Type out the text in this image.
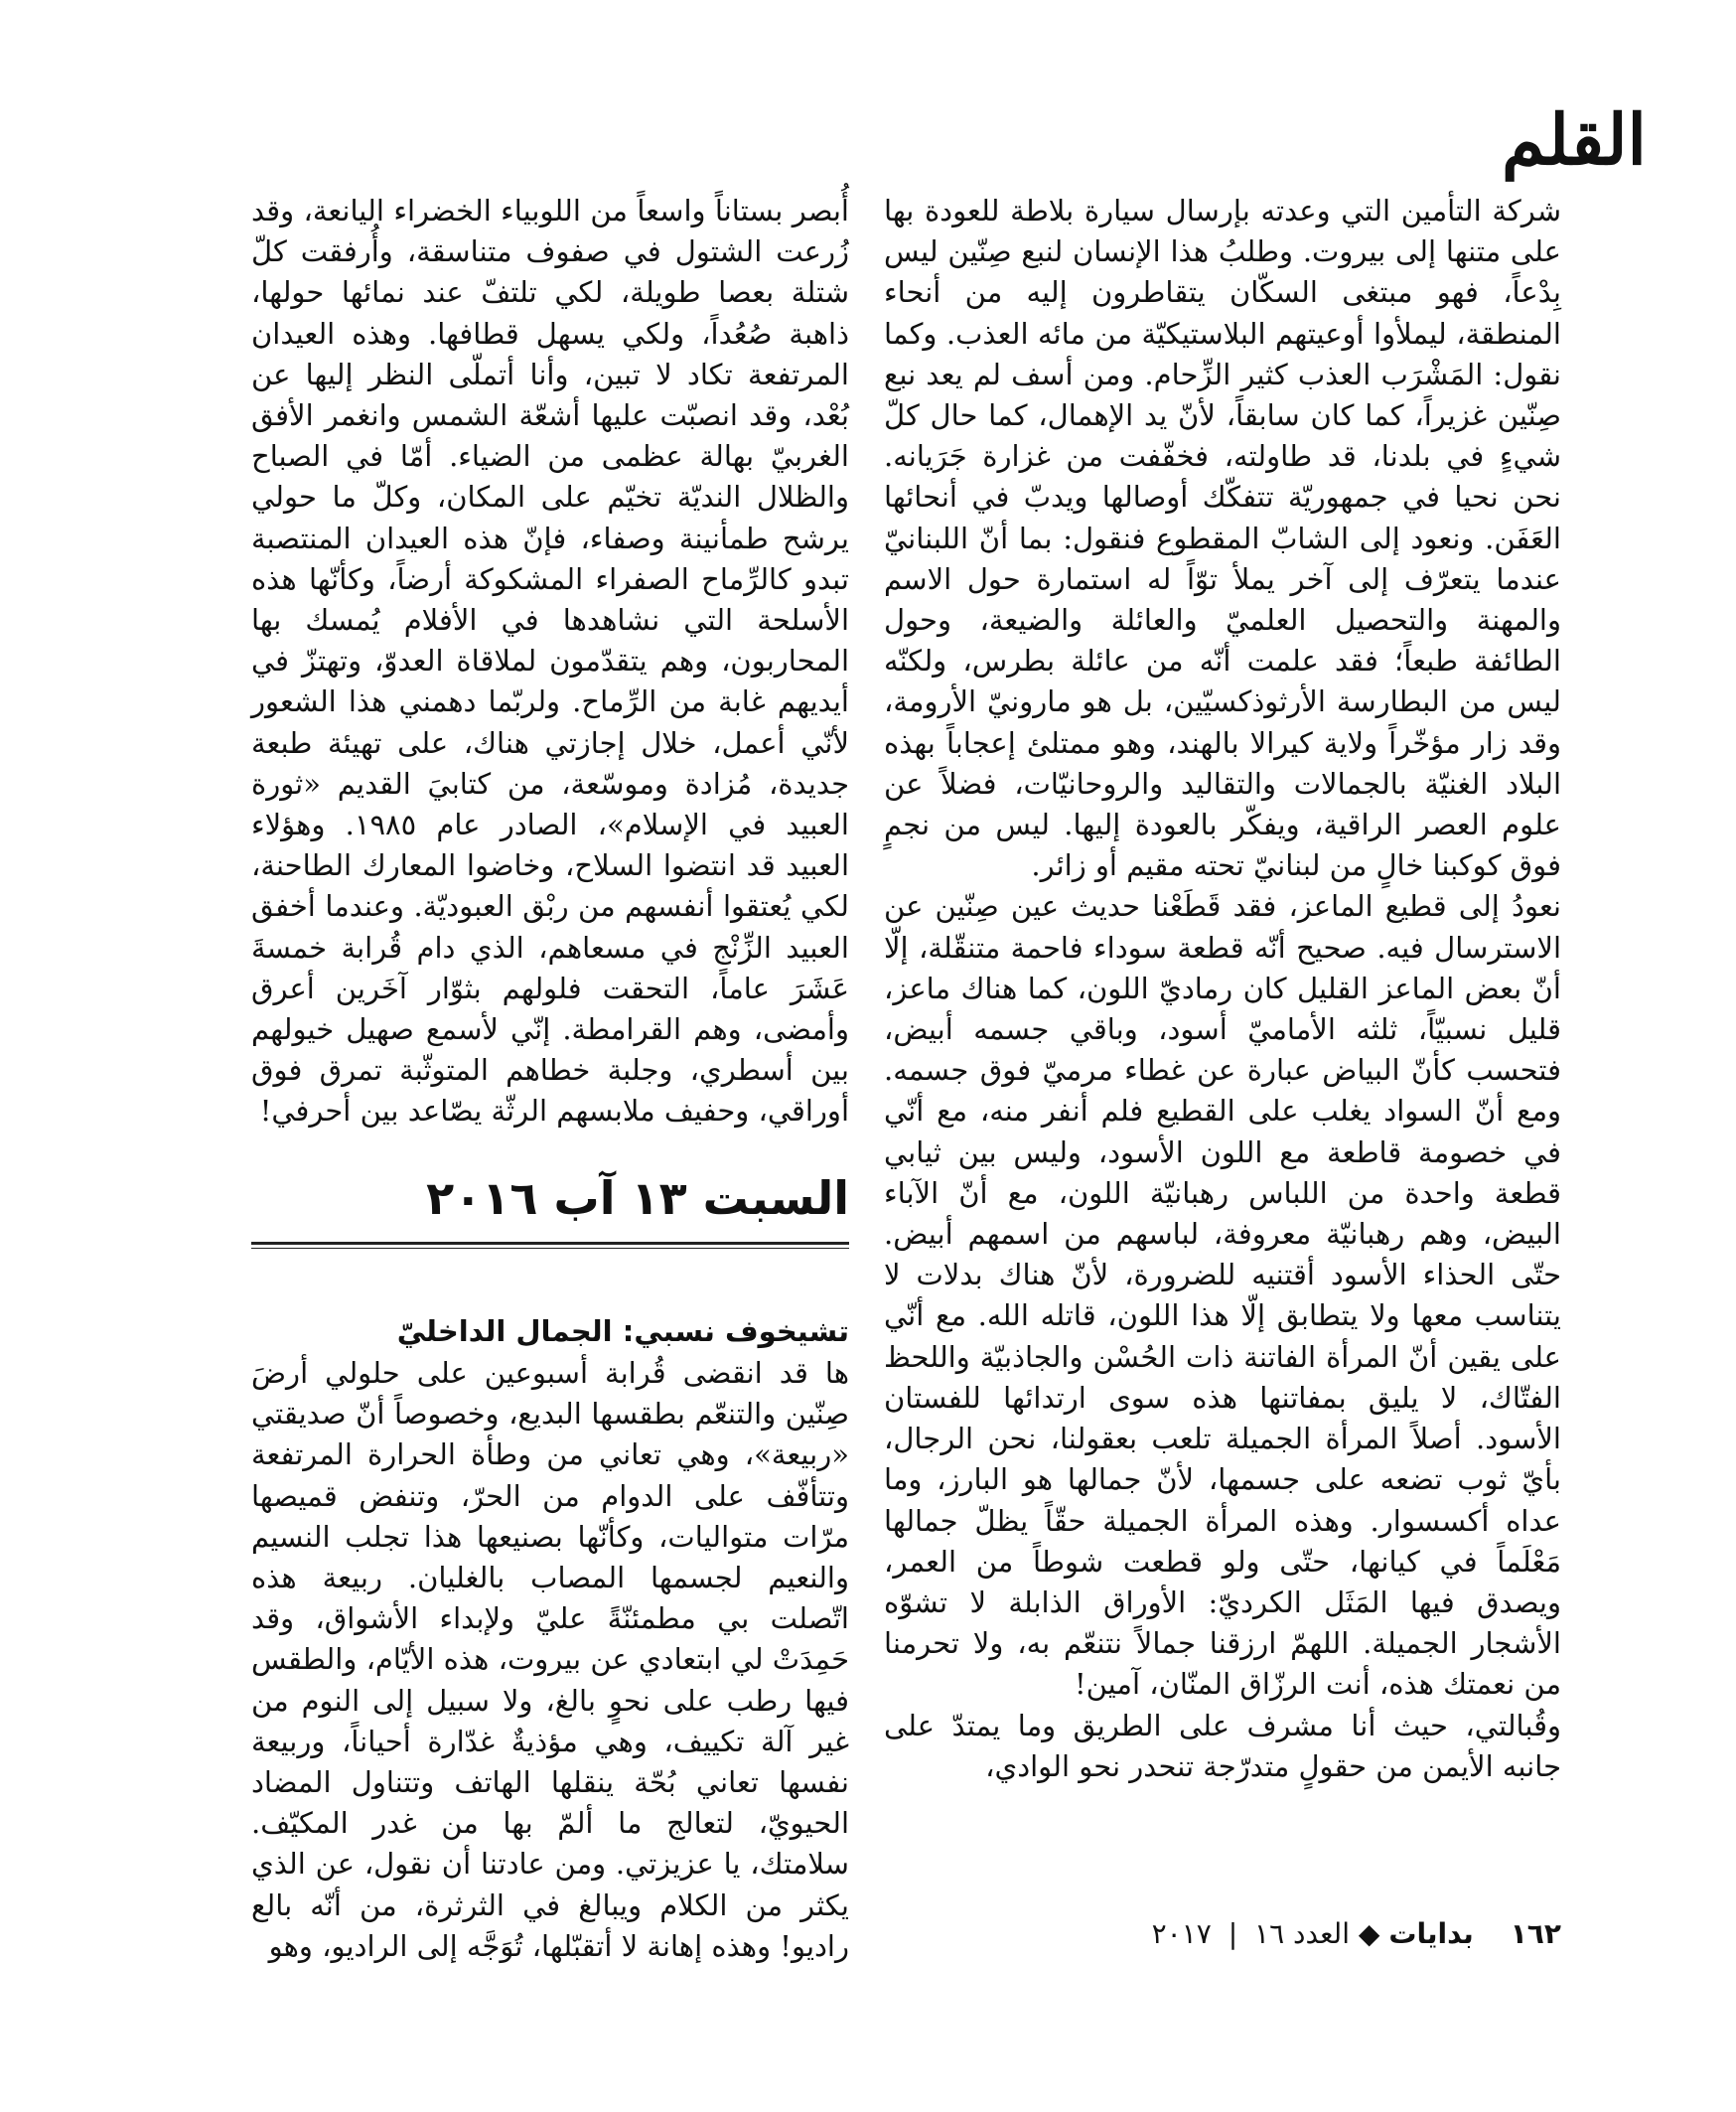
القلم

شركة التأمين التي وعدته بإرسال سيارة بلاطة للعودة بها على متنها إلى بيروت. وطلبُ هذا الإنسان لنبع صِنّين ليس بِدْعاً، فهو مبتغى السكّان يتقاطرون إليه من أنحاء المنطقة، ليملأوا أوعيتهم البلاستيكيّة من مائه العذب. وكما نقول: المَشْرَب العذب كثير الزِّحام. ومن أسف لم يعد نبع صِنّين غزيراً، كما كان سابقاً، لأنّ يد الإهمال، كما حال كلّ شيءٍ في بلدنا، قد طاولته، فخفّفت من غزارة جَرَيانه. نحن نحيا في جمهوريّة تتفكّك أوصالها ويدبّ في أنحائها العَفَن. ونعود إلى الشابّ المقطوع فنقول: بما أنّ اللبنانيّ عندما يتعرّف إلى آخر يملأ توّاً له استمارة حول الاسم والمهنة والتحصيل العلميّ والعائلة والضيعة، وحول الطائفة طبعاً؛ فقد علمت أنّه من عائلة بطرس، ولكنّه ليس من البطارسة الأرثوذكسيّين، بل هو مارونيّ الأرومة، وقد زار مؤخّراً ولاية كيرالا بالهند، وهو ممتلئ إعجاباً بهذه البلاد الغنيّة بالجمالات والتقاليد والروحانيّات، فضلاً عن علوم العصر الراقية، ويفكّر بالعودة إليها. ليس من نجمٍ فوق كوكبنا خالٍ من لبنانيّ تحته مقيم أو زائر.

نعودُ إلى قطيع الماعز، فقد قَطَعْنا حديث عين صِنّين عن الاسترسال فيه. صحيح أنّه قطعة سوداء فاحمة متنقّلة، إلّا أنّ بعض الماعز القليل كان رماديّ اللون، كما هناك ماعز، قليل نسبيّاً، ثلثه الأماميّ أسود، وباقي جسمه أبيض، فتحسب كأنّ البياض عبارة عن غطاء مرميّ فوق جسمه. ومع أنّ السواد يغلب على القطيع فلم أنفر منه، مع أنّي في خصومة قاطعة مع اللون الأسود، وليس بين ثيابي قطعة واحدة من اللباس رهبانيّة اللون، مع أنّ الآباء البيض، وهم رهبانيّة معروفة، لباسهم من اسمهم أبيض. حتّى الحذاء الأسود أقتنيه للضرورة، لأنّ هناك بدلات لا يتناسب معها ولا يتطابق إلّا هذا اللون، قاتله الله. مع أنّي على يقين أنّ المرأة الفاتنة ذات الحُسْن والجاذبيّة واللحظ الفتّاك، لا يليق بمفاتنها هذه سوى ارتدائها للفستان الأسود. أصلاً المرأة الجميلة تلعب بعقولنا، نحن الرجال، بأيّ ثوب تضعه على جسمها، لأنّ جمالها هو البارز، وما عداه أكسسوار. وهذه المرأة الجميلة حقّاً يظلّ جمالها مَعْلَماً في كيانها، حتّى ولو قطعت شوطاً من العمر، ويصدق فيها المَثَل الكرديّ: الأوراق الذابلة لا تشوّه الأشجار الجميلة. اللهمّ ارزقنا جمالاً نتنعّم به، ولا تحرمنا من نعمتك هذه، أنت الرزّاق المنّان، آمين!

وقُبالتي، حيث أنا مشرف على الطريق وما يمتدّ على جانبه الأيمن من حقولٍ متدرّجة تنحدر نحو الوادي،

أُبصر بستاناً واسعاً من اللوبياء الخضراء اليانعة، وقد زُرعت الشتول في صفوف متناسقة، وأُرفقت كلّ شتلة بعصا طويلة، لكي تلتفّ عند نمائها حولها، ذاهبة صُعُداً، ولكي يسهل قطافها. وهذه العيدان المرتفعة تكاد لا تبين، وأنا أتملّى النظر إليها عن بُعْد، وقد انصبّت عليها أشعّة الشمس وانغمر الأفق الغربيّ بهالة عظمى من الضياء. أمّا في الصباح والظلال النديّة تخيّم على المكان، وكلّ ما حولي يرشح طمأنينة وصفاء، فإنّ هذه العيدان المنتصبة تبدو كالرِّماح الصفراء المشكوكة أرضاً، وكأنّها هذه الأسلحة التي نشاهدها في الأفلام يُمسك بها المحاربون، وهم يتقدّمون لملاقاة العدوّ، وتهتزّ في أيديهم غابة من الرِّماح. ولربّما دهمني هذا الشعور لأنّي أعمل، خلال إجازتي هناك، على تهيئة طبعة جديدة، مُزادة وموسّعة، من كتابيَ القديم «ثورة العبيد في الإسلام»، الصادر عام ١٩٨٥. وهؤلاء العبيد قد انتضوا السلاح، وخاضوا المعارك الطاحنة، لكي يُعتقوا أنفسهم من ربْق العبوديّة. وعندما أخفق العبيد الزِّنْج في مسعاهم، الذي دام قُرابة خمسةَ عَشَرَ عاماً، التحقت فلولهم بثوّار آخَرين أعرق وأمضى، وهم القرامطة. إنّي لأسمع صهيل خيولهم بين أسطري، وجلبة خطاهم المتوثّبة تمرق فوق أوراقي، وحفيف ملابسهم الرثّة يصّاعد بين أحرفي!

السبت ١٣ آب ٢٠١٦
تشيخوف نسبي: الجمال الداخليّ

ها قد انقضى قُرابة أسبوعين على حلولي أرضَ صِنّين والتنعّم بطقسها البديع، وخصوصاً أنّ صديقتي «ربيعة»، وهي تعاني من وطأة الحرارة المرتفعة وتتأفّف على الدوام من الحرّ، وتنفض قميصها مرّات متواليات، وكأنّها بصنيعها هذا تجلب النسيم والنعيم لجسمها المصاب بالغليان. ربيعة هذه اتّصلت بي مطمئنّةً عليّ ولإبداء الأشواق، وقد حَمِدَتْ لي ابتعادي عن بيروت، هذه الأيّام، والطقس فيها رطب على نحوٍ بالغ، ولا سبيل إلى النوم من غير آلة تكييف، وهي مؤذيةٌ غدّارة أحياناً، وربيعة نفسها تعاني بُحّة ينقلها الهاتف وتتناول المضاد الحيويّ، لتعالج ما ألمّ بها من غدر المكيّف. سلامتك، يا عزيزتي. ومن عادتنا أن نقول، عن الذي يكثر من الكلام ويبالغ في الثرثرة، من أنّه بالع راديو! وهذه إهانة لا أتقبّلها، تُوَجَّه إلى الراديو، وهو	١٦٢ بدايات ◆ العدد ١٦ | ٢٠١٧
